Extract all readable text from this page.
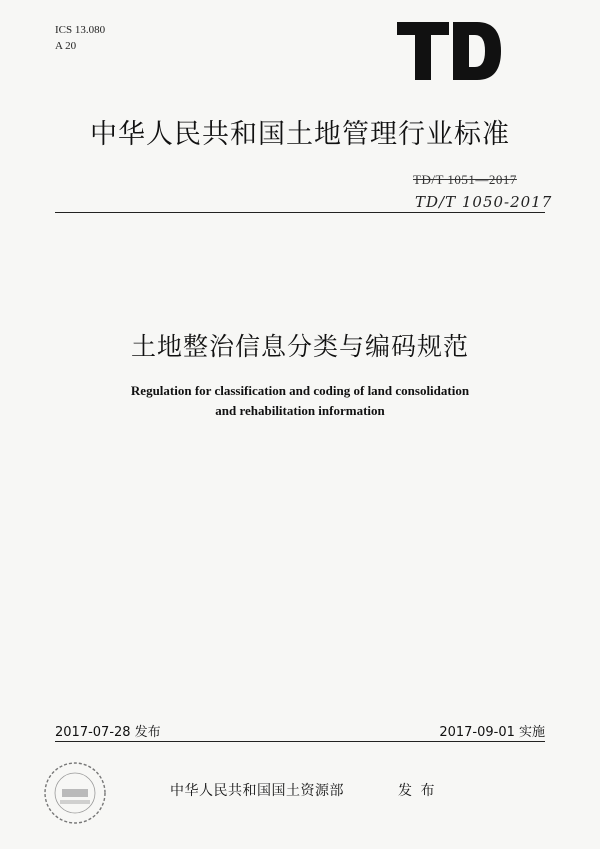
ICS 13.080
A 20
中华人民共和国土地管理行业标准
TD/T 1051—2017
TD/T 1050-2017
土地整治信息分类与编码规范
Regulation for classification and coding of land consolidation
and rehabilitation information
2017-07-28 发布	2017-09-01 实施
中华人民共和国国土资源部	发 布
